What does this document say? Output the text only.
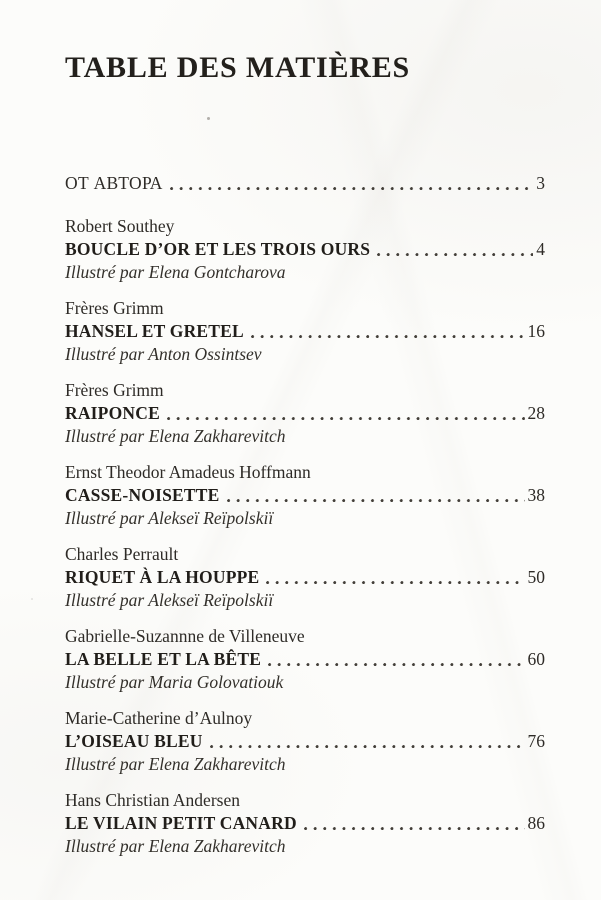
TABLE DES MATIÈRES
ОТ АВТОРА	3
Robert Southey
BOUCLE D’OR ET LES TROIS OURS	4
Illustré par Elena Gontcharova
Frères Grimm
HANSEL ET GRETEL	16
Illustré par Anton Ossintsev
Frères Grimm
RAIPONCE	28
Illustré par Elena Zakharevitch
Ernst Theodor Amadeus Hoffmann
CASSE-NOISETTE	38
Illustré par Alekseï Reïpolskiï
Charles Perrault
RIQUET À LA HOUPPE	50
Illustré par Alekseï Reïpolskiï
Gabrielle-Suzannne de Villeneuve
LA BELLE ET LA BÊTE	60
Illustré par Maria Golovatiouk
Marie-Catherine d’Aulnoy
L’OISEAU BLEU	76
Illustré par Elena Zakharevitch
Hans Christian Andersen
LE VILAIN PETIT CANARD	86
Illustré par Elena Zakharevitch
